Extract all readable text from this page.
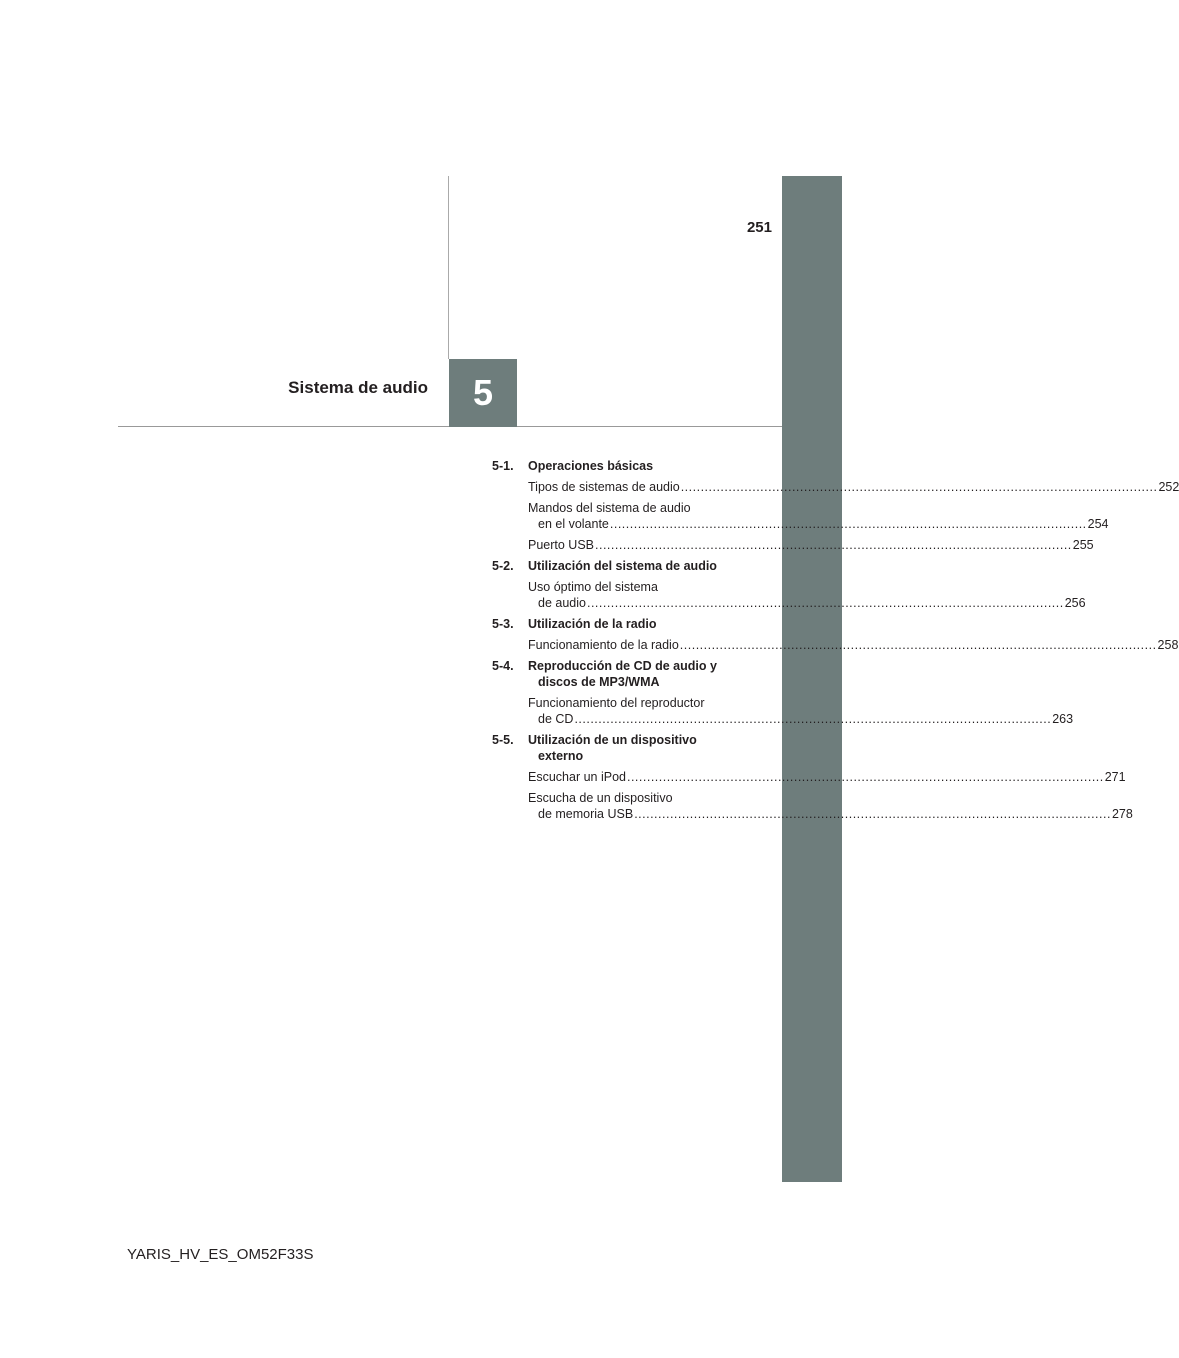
251
Sistema de audio 5
5-1.	Operaciones básicas
Tipos de sistemas de audio ........................................................................................................................ 252
Mandos del sistema de audio
en el volante ........................................................................................................................ 254
Puerto USB ........................................................................................................................ 255
5-2.	Utilización del sistema de audio
Uso óptimo del sistema
de audio ........................................................................................................................ 256
5-3.	Utilización de la radio
Funcionamiento de la radio ........................................................................................................................ 258
5-4.	Reproducción de CD de audio y
discos de MP3/WMA
Funcionamiento del reproductor
de CD ........................................................................................................................ 263
5-5.	Utilización de un dispositivo
externo
Escuchar un iPod ........................................................................................................................ 271
Escucha de un dispositivo
de memoria USB ........................................................................................................................ 278
YARIS_HV_ES_OM52F33S
